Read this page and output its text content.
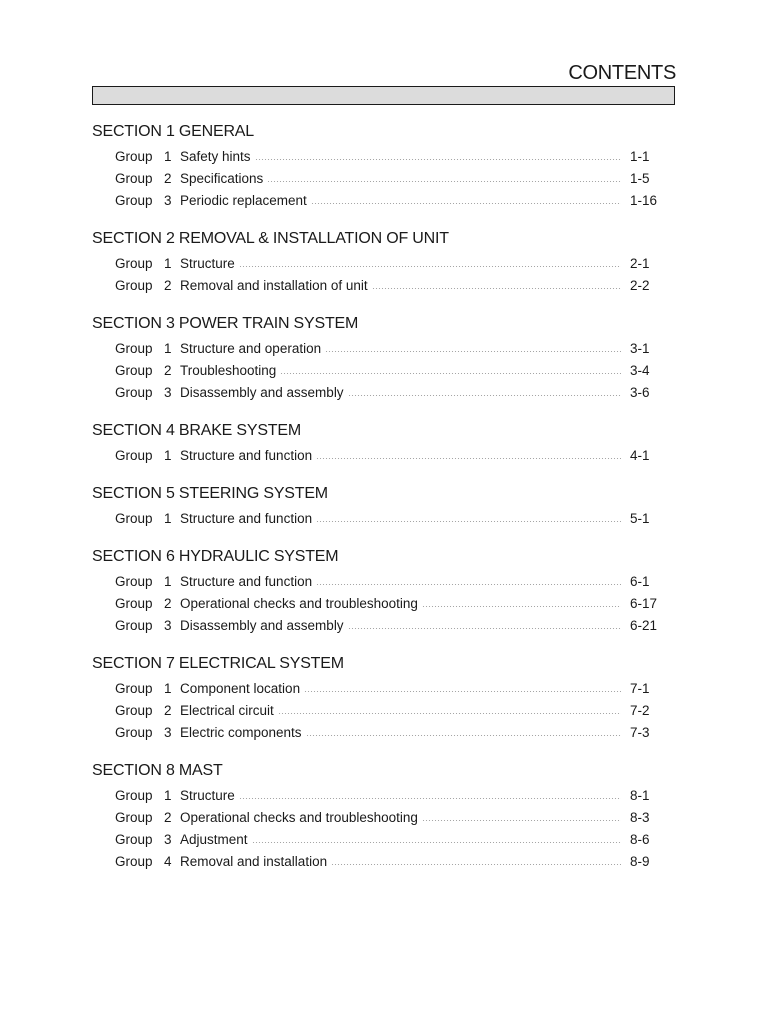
CONTENTS
SECTION 1 GENERAL
Group 1 Safety hints	1-1
Group 2 Specifications	1-5
Group 3 Periodic replacement	1-16
SECTION 2 REMOVAL & INSTALLATION OF UNIT
Group 1 Structure	2-1
Group 2 Removal and installation of unit	2-2
SECTION 3 POWER TRAIN SYSTEM
Group 1 Structure and operation	3-1
Group 2 Troubleshooting	3-4
Group 3 Disassembly and assembly	3-6
SECTION 4 BRAKE SYSTEM
Group 1 Structure and function	4-1
SECTION 5 STEERING SYSTEM
Group 1 Structure and function	5-1
SECTION 6 HYDRAULIC SYSTEM
Group 1 Structure and function	6-1
Group 2 Operational checks and troubleshooting	6-17
Group 3 Disassembly and assembly	6-21
SECTION 7 ELECTRICAL SYSTEM
Group 1 Component location	7-1
Group 2 Electrical circuit	7-2
Group 3 Electric components	7-3
SECTION 8 MAST
Group 1 Structure	8-1
Group 2 Operational checks and troubleshooting	8-3
Group 3 Adjustment	8-6
Group 4 Removal and installation	8-9
